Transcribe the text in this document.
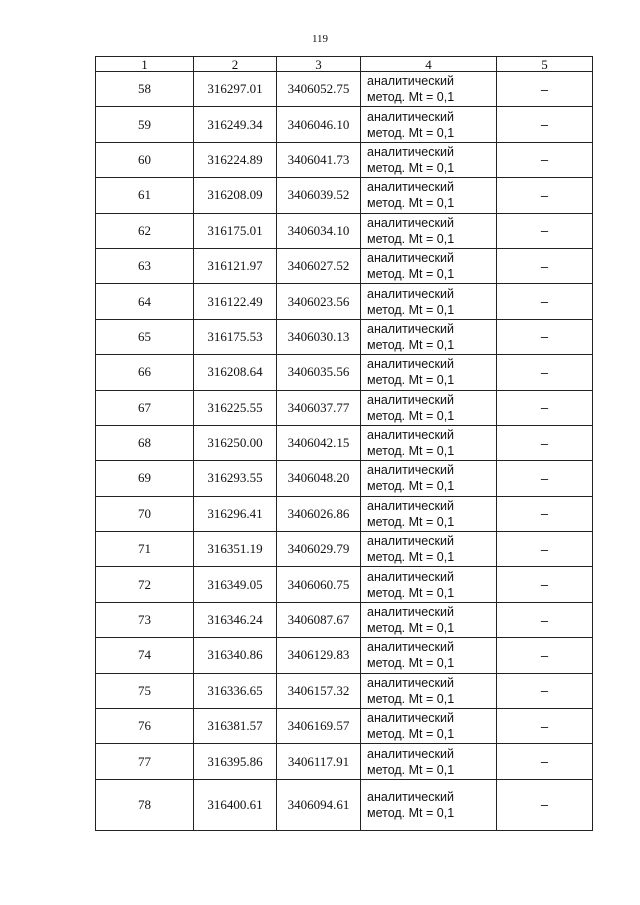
119
1	2	3	4	5
58	316297.01	3406052.75	аналитический
метод. Mt = 0,1	–
59	316249.34	3406046.10	аналитический
метод. Mt = 0,1	–
60	316224.89	3406041.73	аналитический
метод. Mt = 0,1	–
61	316208.09	3406039.52	аналитический
метод. Mt = 0,1	–
62	316175.01	3406034.10	аналитический
метод. Mt = 0,1	–
63	316121.97	3406027.52	аналитический
метод. Mt = 0,1	–
64	316122.49	3406023.56	аналитический
метод. Mt = 0,1	–
65	316175.53	3406030.13	аналитический
метод. Mt = 0,1	–
66	316208.64	3406035.56	аналитический
метод. Mt = 0,1	–
67	316225.55	3406037.77	аналитический
метод. Mt = 0,1	–
68	316250.00	3406042.15	аналитический
метод. Mt = 0,1	–
69	316293.55	3406048.20	аналитический
метод. Mt = 0,1	–
70	316296.41	3406026.86	аналитический
метод. Mt = 0,1	–
71	316351.19	3406029.79	аналитический
метод. Mt = 0,1	–
72	316349.05	3406060.75	аналитический
метод. Mt = 0,1	–
73	316346.24	3406087.67	аналитический
метод. Mt = 0,1	–
74	316340.86	3406129.83	аналитический
метод. Mt = 0,1	–
75	316336.65	3406157.32	аналитический
метод. Mt = 0,1	–
76	316381.57	3406169.57	аналитический
метод. Mt = 0,1	–
77	316395.86	3406117.91	аналитический
метод. Mt = 0,1	–
78	316400.61	3406094.61	аналитический
метод. Mt = 0,1	–
